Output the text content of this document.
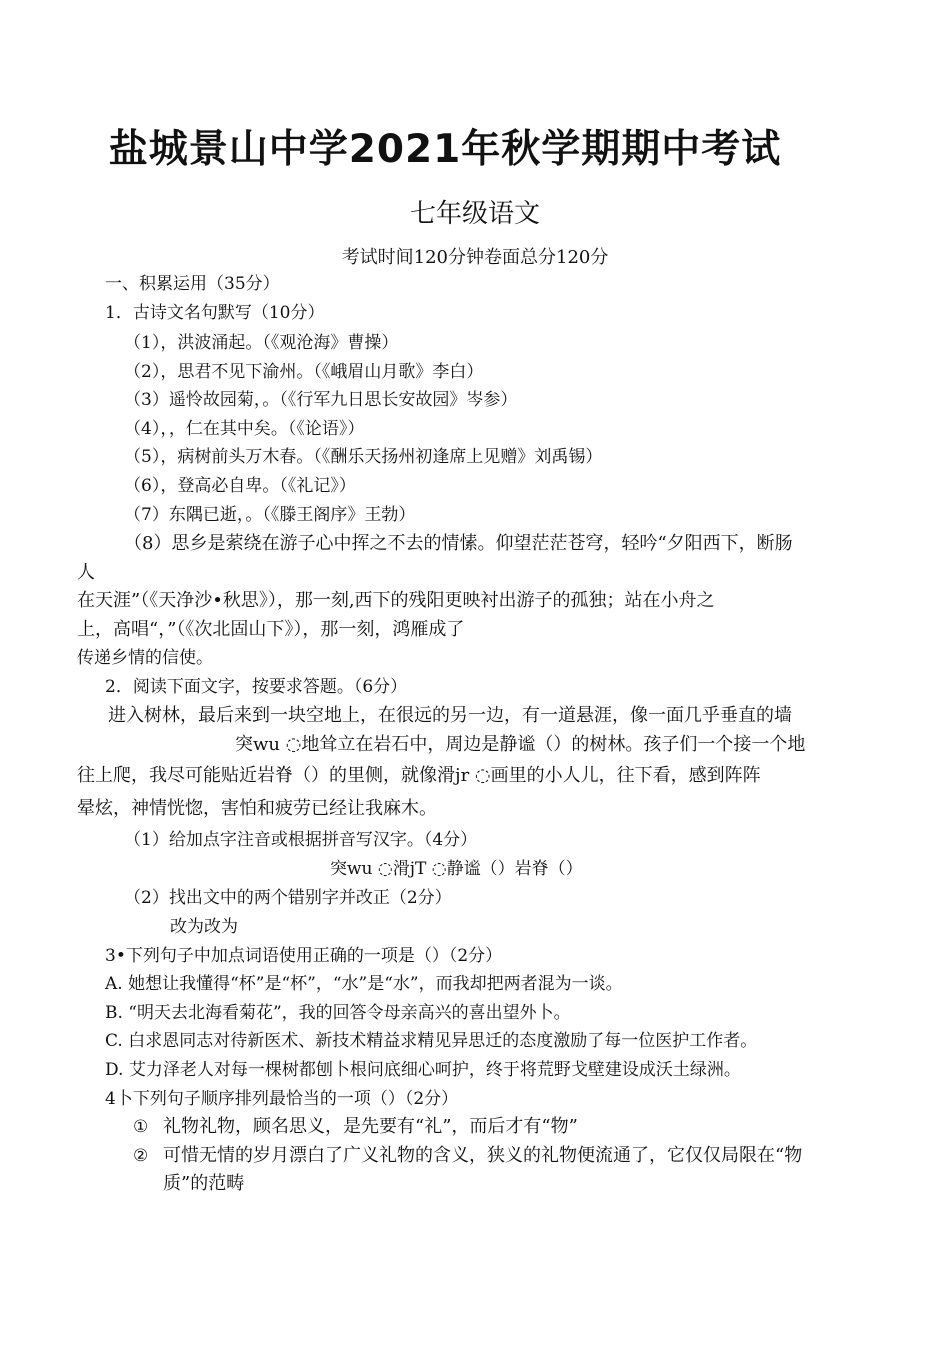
盐城景山中学2021年秋学期期中考试
七年级语文
考试时间120分钟卷面总分120分
一、积累运用（35分）
1．古诗文名句默写（10分）
（1），洪波涌起。（《观沧海》曹操）
（2），思君不见下渝州。（《峨眉山月歌》李白）
（3）遥怜故园菊，。（《行军九日思长安故园》岑参）
（4），，仁在其中矣。（《论语》）
（5），病树前头万木春。（《酬乐天扬州初逢席上见赠》刘禹锡）
（6），登高必自卑。（《礼记》）
（7）东隅已逝，。（《滕王阁序》王勃）
（8）思乡是萦绕在游子心中挥之不去的情愫。仰望茫茫苍穹，轻吟“夕阳西下，断肠
人
在天涯”（《天净沙•秋思》），那一刻,西下的残阳更映衬出游子的孤独；站在小舟之
上，高唱“，”（《次北固山下》），那一刻，鸿雁成了
传递乡情的信使。
2．阅读下面文字，按要求答题。（6分）
进入树林，最后来到一块空地上，在很远的另一边，有一道悬涯，像一面几乎垂直的墙
突wu ◌地耸立在岩石中，周边是静谧（）的树林。孩子们一个接一个地
往上爬，我尽可能贴近岩脊（）的里侧，就像滑jr ◌画里的小人儿，往下看，感到阵阵
晕炫，神情恍惚，害怕和疲劳已经让我麻木。
（1）给加点字注音或根据拼音写汉字。（4分）
突wu ◌滑jT ◌静谧（）岩脊（）
（2）找出文中的两个错别字并改正（2分）
改为改为
3•下列句子中加点词语使用正确的一项是（）（2分）
A. 她想让我懂得“杯”是“杯”，“水”是“水”，而我却把两者混为一谈。
B. “明天去北海看菊花”，我的回答令母亲高兴的喜出望外卜。
C. 白求恩同志对待新医术、新技术精益求精见异思迁的态度激励了每一位医护工作者。
D. 艾力泽老人对每一棵树都刨卜根问底细心呵护，终于将荒野戈壁建设成沃土绿洲。
4卜下列句子顺序排列最恰当的一项（）（2分）
① 礼物礼物，顾名思义，是先要有“礼”，而后才有“物”
② 可惜无情的岁月漂白了广义礼物的含义，狭义的礼物便流通了，它仅仅局限在“物
质”的范畴
